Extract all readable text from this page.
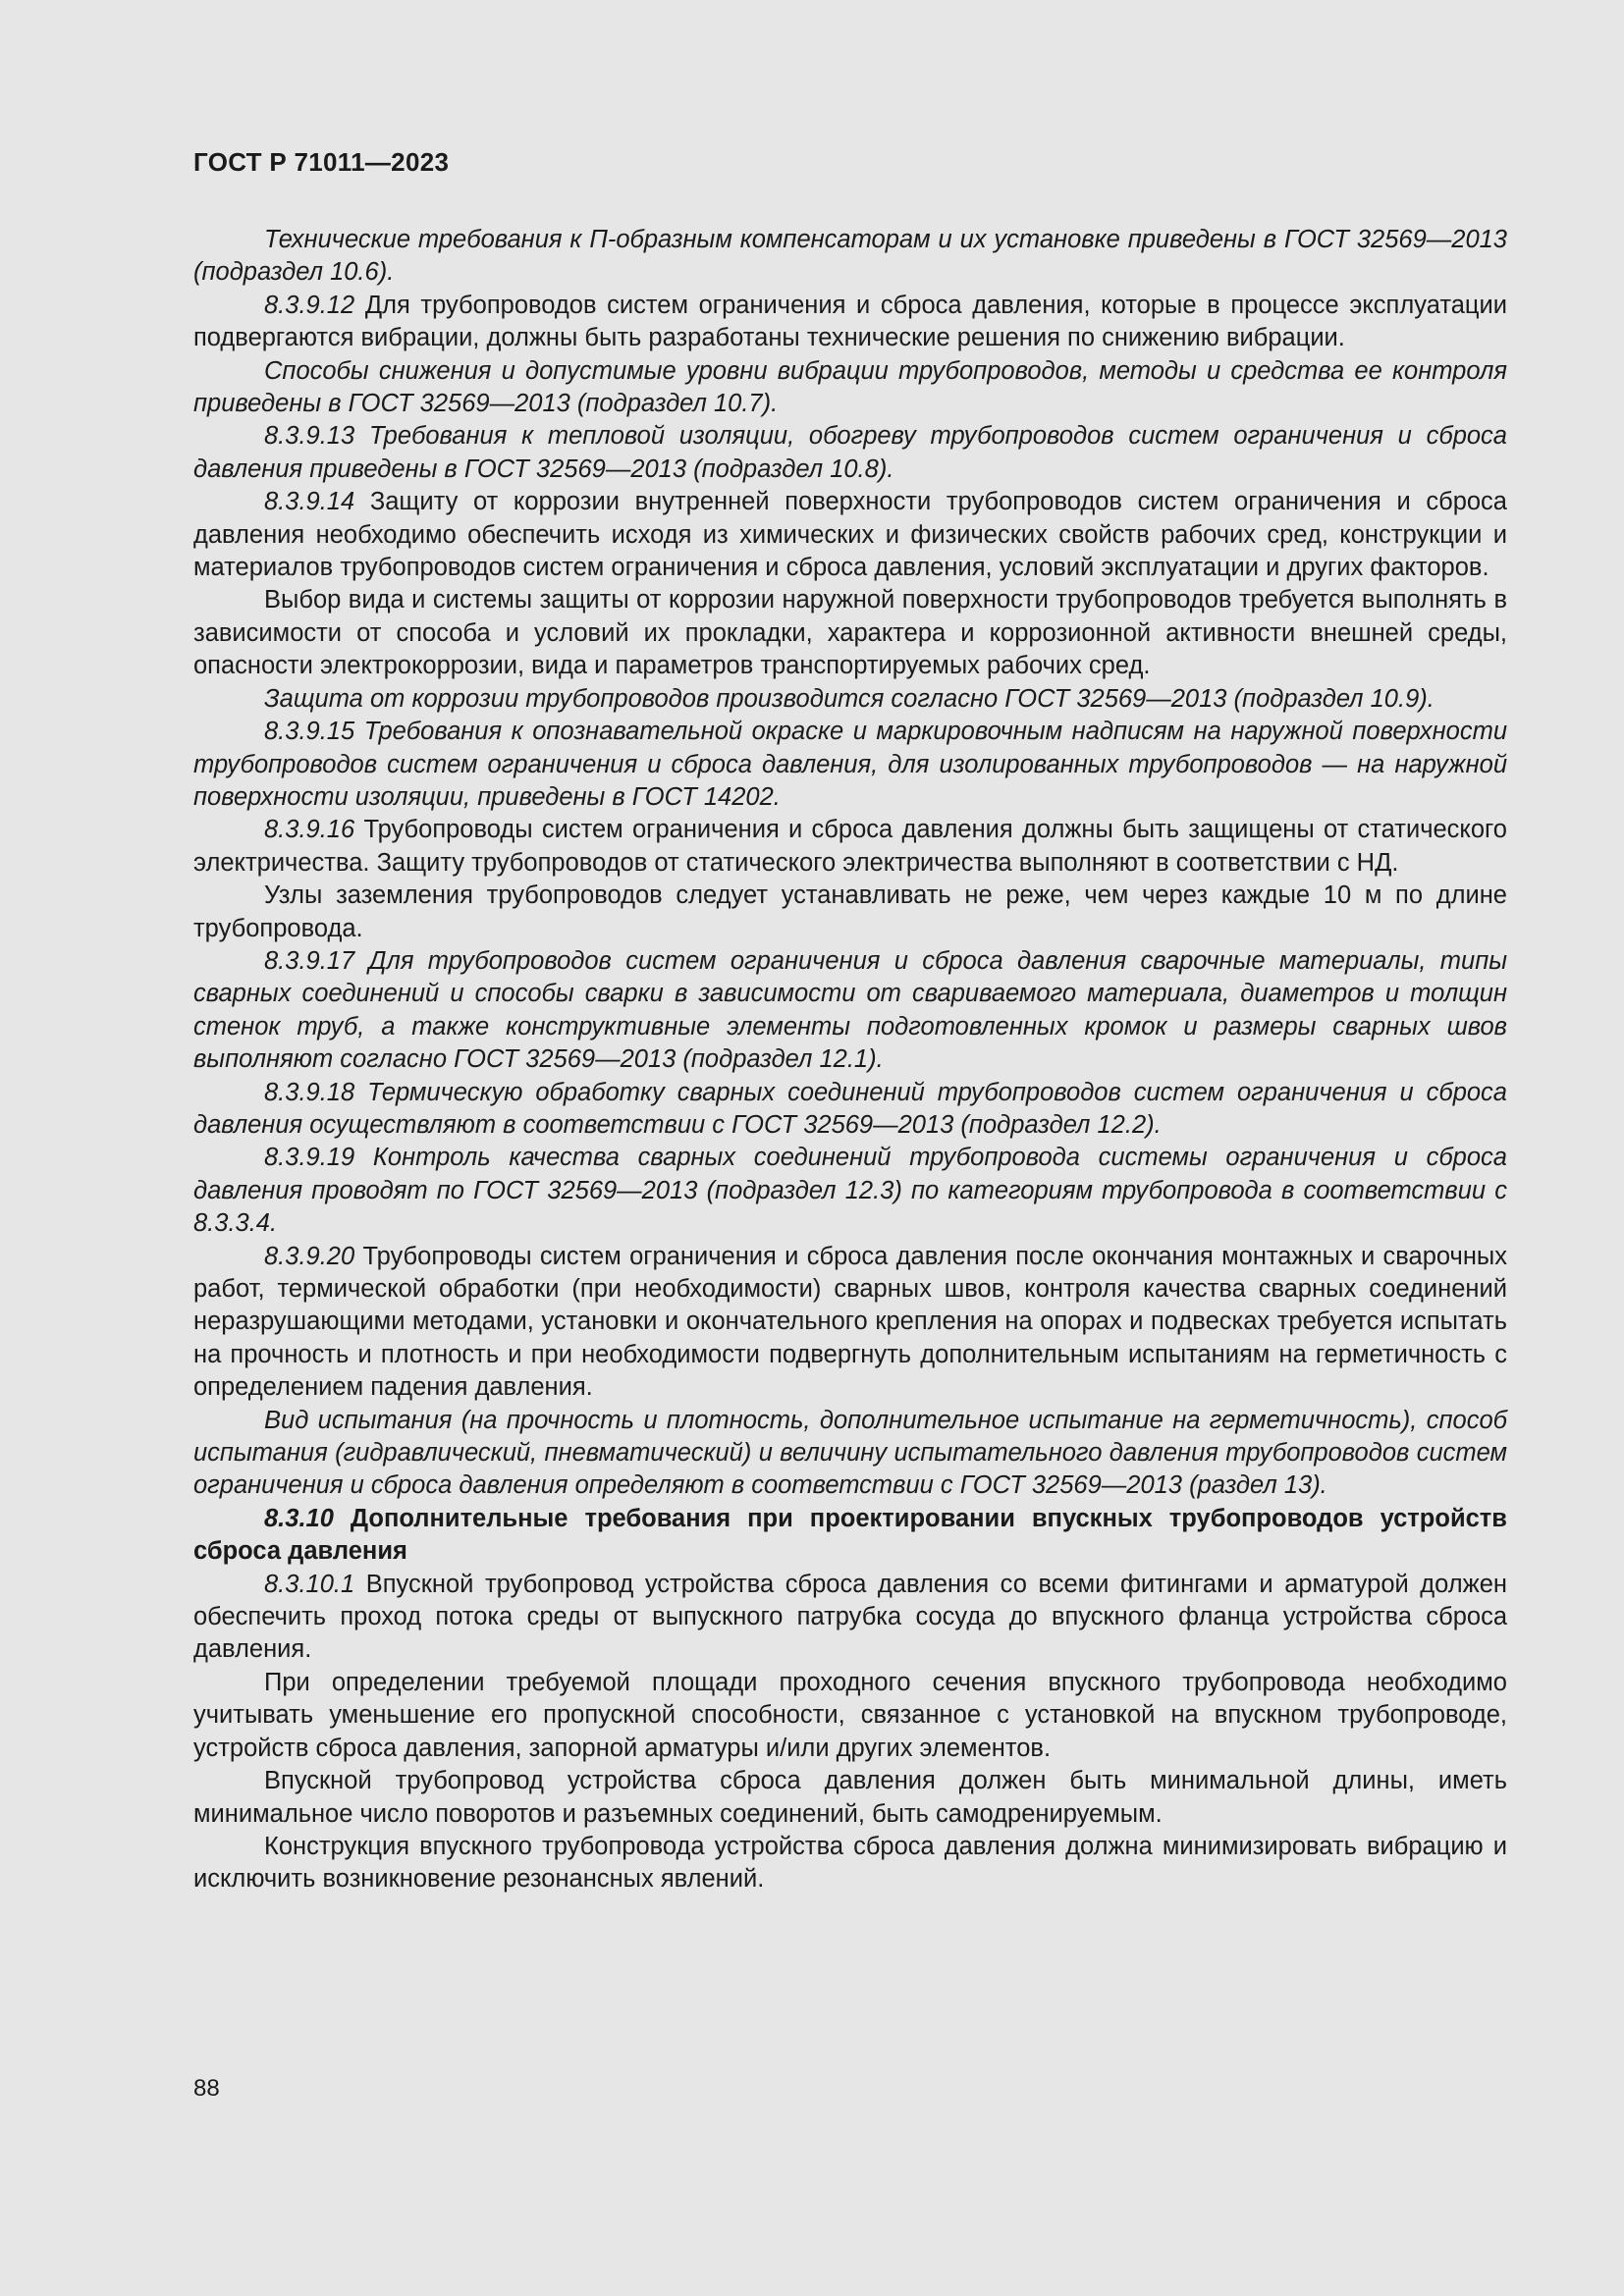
ГОСТ Р 71011—2023

Технические требования к П-образным компенсаторам и их установке приведены в ГОСТ 32569—2013 (подраздел 10.6).

8.3.9.12 Для трубопроводов систем ограничения и сброса давления, которые в процессе эксплуатации подвергаются вибрации, должны быть разработаны технические решения по снижению вибрации.

Способы снижения и допустимые уровни вибрации трубопроводов, методы и средства ее контроля приведены в ГОСТ 32569—2013 (подраздел 10.7).

8.3.9.13 Требования к тепловой изоляции, обогреву трубопроводов систем ограничения и сброса давления приведены в ГОСТ 32569—2013 (подраздел 10.8).

8.3.9.14 Защиту от коррозии внутренней поверхности трубопроводов систем ограничения и сброса давления необходимо обеспечить исходя из химических и физических свойств рабочих сред, конструкции и материалов трубопроводов систем ограничения и сброса давления, условий эксплуатации и других факторов.

Выбор вида и системы защиты от коррозии наружной поверхности трубопроводов требуется выполнять в зависимости от способа и условий их прокладки, характера и коррозионной активности внешней среды, опасности электрокоррозии, вида и параметров транспортируемых рабочих сред.

Защита от коррозии трубопроводов производится согласно ГОСТ 32569—2013 (подраздел 10.9).

8.3.9.15 Требования к опознавательной окраске и маркировочным надписям на наружной поверхности трубопроводов систем ограничения и сброса давления, для изолированных трубопроводов — на наружной поверхности изоляции, приведены в ГОСТ 14202.

8.3.9.16 Трубопроводы систем ограничения и сброса давления должны быть защищены от статического электричества. Защиту трубопроводов от статического электричества выполняют в соответствии с НД.

Узлы заземления трубопроводов следует устанавливать не реже, чем через каждые 10 м по длине трубопровода.

8.3.9.17 Для трубопроводов систем ограничения и сброса давления сварочные материалы, типы сварных соединений и способы сварки в зависимости от свариваемого материала, диаметров и толщин стенок труб, а также конструктивные элементы подготовленных кромок и размеры сварных швов выполняют согласно ГОСТ 32569—2013 (подраздел 12.1).

8.3.9.18 Термическую обработку сварных соединений трубопроводов систем ограничения и сброса давления осуществляют в соответствии с ГОСТ 32569—2013 (подраздел 12.2).

8.3.9.19 Контроль качества сварных соединений трубопровода системы ограничения и сброса давления проводят по ГОСТ 32569—2013 (подраздел 12.3) по категориям трубопровода в соответствии с 8.3.3.4.

8.3.9.20 Трубопроводы систем ограничения и сброса давления после окончания монтажных и сварочных работ, термической обработки (при необходимости) сварных швов, контроля качества сварных соединений неразрушающими методами, установки и окончательного крепления на опорах и подвесках требуется испытать на прочность и плотность и при необходимости подвергнуть дополнительным испытаниям на герметичность с определением падения давления.

Вид испытания (на прочность и плотность, дополнительное испытание на герметичность), способ испытания (гидравлический, пневматический) и величину испытательного давления трубопроводов систем ограничения и сброса давления определяют в соответствии с ГОСТ 32569—2013 (раздел 13).

8.3.10 Дополнительные требования при проектировании впускных трубопроводов устройств сброса давления

8.3.10.1 Впускной трубопровод устройства сброса давления со всеми фитингами и арматурой должен обеспечить проход потока среды от выпускного патрубка сосуда до впускного фланца устройства сброса давления.

При определении требуемой площади проходного сечения впускного трубопровода необходимо учитывать уменьшение его пропускной способности, связанное с установкой на впускном трубопроводе, устройств сброса давления, запорной арматуры и/или других элементов.

Впускной трубопровод устройства сброса давления должен быть минимальной длины, иметь минимальное число поворотов и разъемных соединений, быть самодренируемым.

Конструкция впускного трубопровода устройства сброса давления должна минимизировать вибрацию и исключить возникновение резонансных явлений.

88
